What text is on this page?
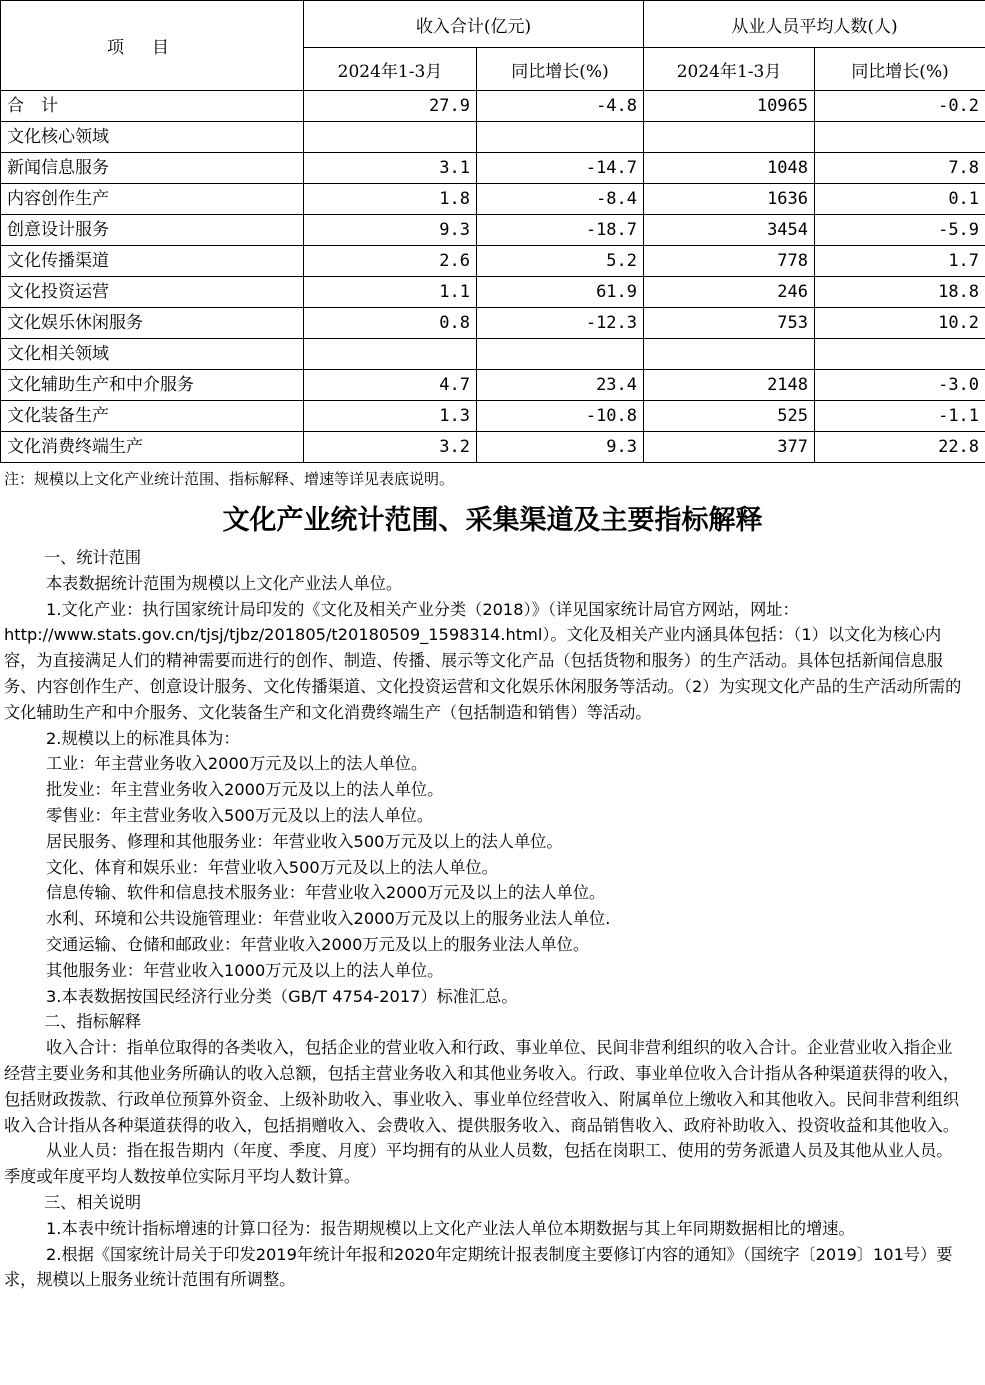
项目	收入合计(亿元)		从业人员平均人数(人)	
	2024年1-3月	同比增长(%)	2024年1-3月	同比增长(%)
合　计	27.9	-4.8	10965	-0.2
文化核心领域				
新闻信息服务	3.1	-14.7	1048	7.8
内容创作生产	1.8	-8.4	1636	0.1
创意设计服务	9.3	-18.7	3454	-5.9
文化传播渠道	2.6	5.2	778	1.7
文化投资运营	1.1	61.9	246	18.8
文化娱乐休闲服务	0.8	-12.3	753	10.2
文化相关领域				
文化辅助生产和中介服务	4.7	23.4	2148	-3.0
文化装备生产	1.3	-10.8	525	-1.1
文化消费终端生产	3.2	9.3	377	22.8
注：规模以上文化产业统计范围、指标解释、增速等详见表底说明。
文化产业统计范围、采集渠道及主要指标解释

一、统计范围

本表数据统计范围为规模以上文化产业法人单位。

1.文化产业：执行国家统计局印发的《文化及相关产业分类（2018）》（详见国家统计局官方网站，网址：http://www.stats.gov.cn/tjsj/tjbz/201805/t20180509_1598314.html）。文化及相关产业内涵具体包括：（1）以文化为核心内容，为直接满足人们的精神需要而进行的创作、制造、传播、展示等文化产品（包括货物和服务）的生产活动。具体包括新闻信息服务、内容创作生产、创意设计服务、文化传播渠道、文化投资运营和文化娱乐休闲服务等活动。（2）为实现文化产品的生产活动所需的文化辅助生产和中介服务、文化装备生产和文化消费终端生产（包括制造和销售）等活动。

2.规模以上的标准具体为：

工业：年主营业务收入2000万元及以上的法人单位。

批发业：年主营业务收入2000万元及以上的法人单位。

零售业：年主营业务收入500万元及以上的法人单位。

居民服务、修理和其他服务业：年营业收入500万元及以上的法人单位。

文化、体育和娱乐业：年营业收入500万元及以上的法人单位。

信息传输、软件和信息技术服务业：年营业收入2000万元及以上的法人单位。

水利、环境和公共设施管理业：年营业收入2000万元及以上的服务业法人单位.

交通运输、仓储和邮政业：年营业收入2000万元及以上的服务业法人单位。

其他服务业：年营业收入1000万元及以上的法人单位。

3.本表数据按国民经济行业分类（GB/T 4754-2017）标准汇总。

二、指标解释

收入合计：指单位取得的各类收入，包括企业的营业收入和行政、事业单位、民间非营利组织的收入合计。企业营业收入指企业经营主要业务和其他业务所确认的收入总额，包括主营业务收入和其他业务收入。行政、事业单位收入合计指从各种渠道获得的收入，包括财政拨款、行政单位预算外资金、上级补助收入、事业收入、事业单位经营收入、附属单位上缴收入和其他收入。民间非营利组织收入合计指从各种渠道获得的收入，包括捐赠收入、会费收入、提供服务收入、商品销售收入、政府补助收入、投资收益和其他收入。

从业人员：指在报告期内（年度、季度、月度）平均拥有的从业人员数，包括在岗职工、使用的劳务派遣人员及其他从业人员。季度或年度平均人数按单位实际月平均人数计算。

三、相关说明

1.本表中统计指标增速的计算口径为：报告期规模以上文化产业法人单位本期数据与其上年同期数据相比的增速。

2.根据《国家统计局关于印发2019年统计年报和2020年定期统计报表制度主要修订内容的通知》（国统字〔2019〕101号）要求，规模以上服务业统计范围有所调整。
